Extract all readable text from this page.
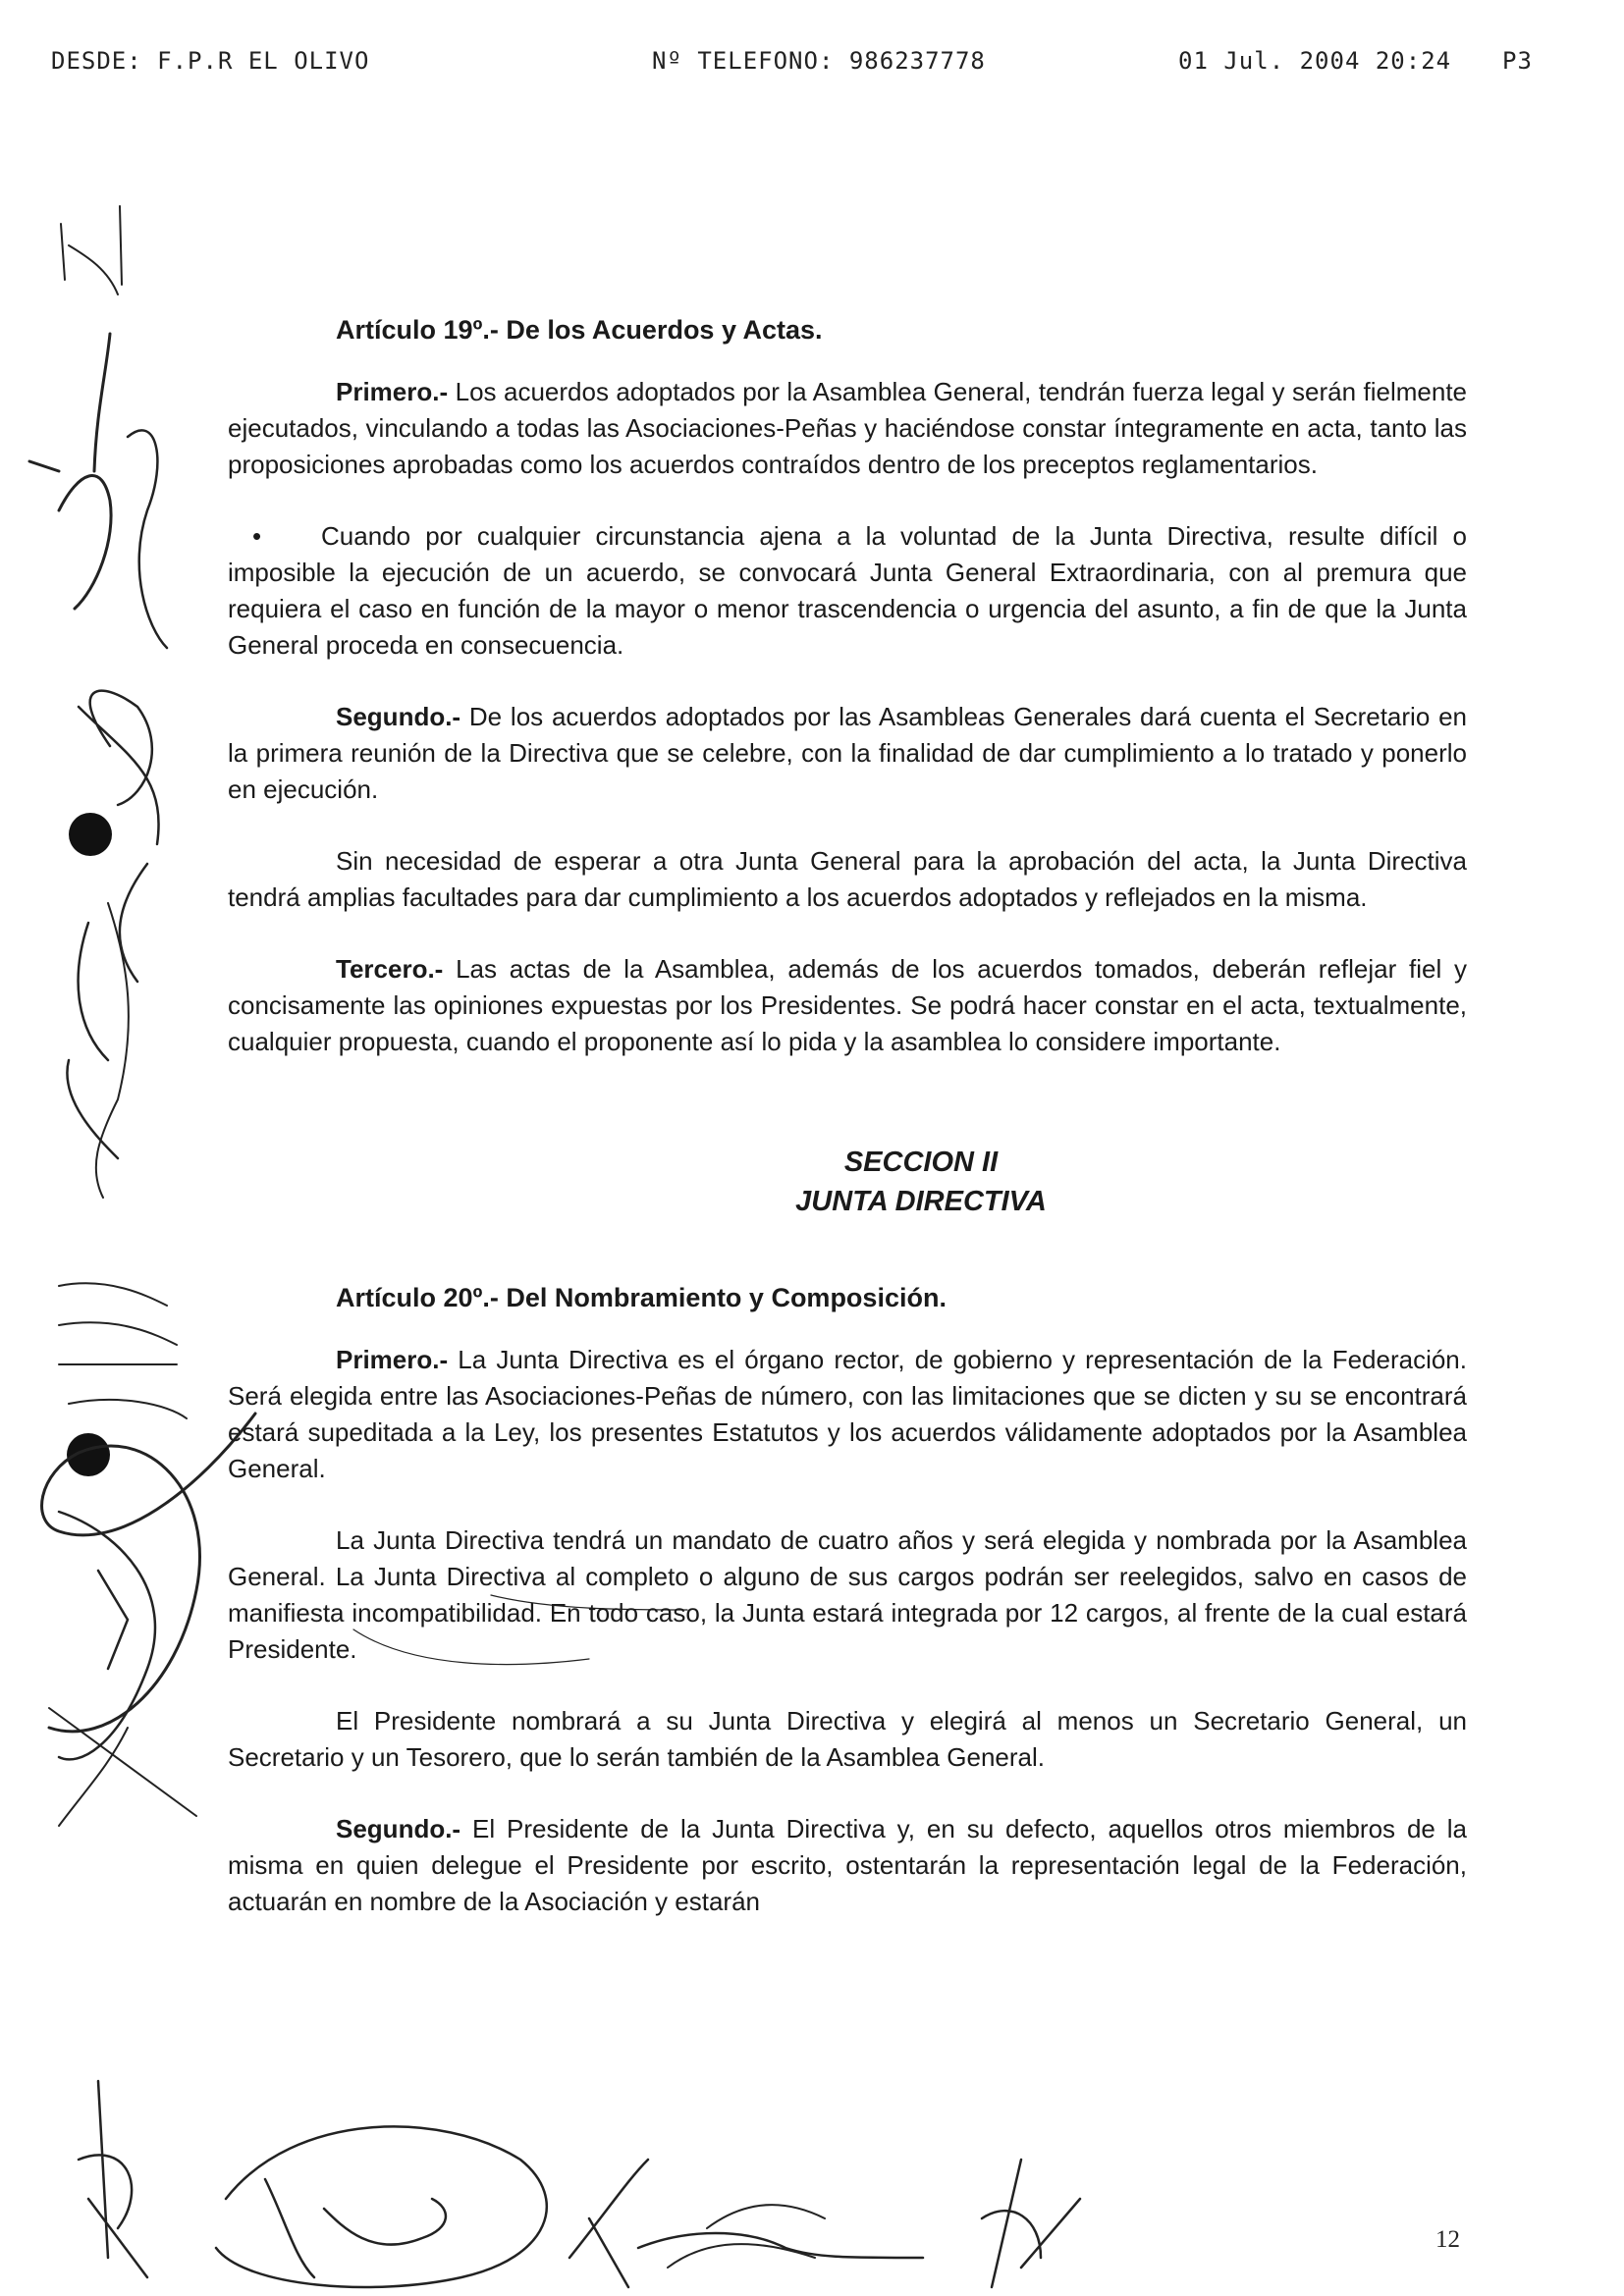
DESDE: F.P.R EL OLIVO	Nº TELEFONO: 986237778	01 Jul. 2004 20:24 P3
Artículo 19º.- De los Acuerdos y Actas.

Primero.- Los acuerdos adoptados por la Asamblea General, tendrán fuerza legal y serán fielmente ejecutados, vinculando a todas las Asociaciones-Peñas y haciéndose constar íntegramente en acta, tanto las proposiciones aprobadas como los acuerdos contraídos dentro de los preceptos reglamentarios.

• Cuando por cualquier circunstancia ajena a la voluntad de la Junta Directiva, resulte difícil o imposible la ejecución de un acuerdo, se convocará Junta General Extraordinaria, con al premura que requiera el caso en función de la mayor o menor trascendencia o urgencia del asunto, a fin de que la Junta General proceda en consecuencia.

Segundo.- De los acuerdos adoptados por las Asambleas Generales dará cuenta el Secretario en la primera reunión de la Directiva que se celebre, con la finalidad de dar cumplimiento a lo tratado y ponerlo en ejecución.

Sin necesidad de esperar a otra Junta General para la aprobación del acta, la Junta Directiva tendrá amplias facultades para dar cumplimiento a los acuerdos adoptados y reflejados en la misma.

Tercero.- Las actas de la Asamblea, además de los acuerdos tomados, deberán reflejar fiel y concisamente las opiniones expuestas por los Presidentes. Se podrá hacer constar en el acta, textualmente, cualquier propuesta, cuando el proponente así lo pida y la asamblea lo considere importante.

SECCION II
JUNTA DIRECTIVA
Artículo 20º.- Del Nombramiento y Composición.

Primero.- La Junta Directiva es el órgano rector, de gobierno y representación de la Federación. Será elegida entre las Asociaciones-Peñas de número, con las limitaciones que se dicten y su se encontrará estará supeditada a la Ley, los presentes Estatutos y los acuerdos válidamente adoptados por la Asamblea General.

La Junta Directiva tendrá un mandato de cuatro años y será elegida y nombrada por la Asamblea General. La Junta Directiva al completo o alguno de sus cargos podrán ser reelegidos, salvo en casos de manifiesta incompatibilidad. En todo caso, la Junta estará integrada por 12 cargos, al frente de la cual estará Presidente.

El Presidente nombrará a su Junta Directiva y elegirá al menos un Secretario General, un Secretario y un Tesorero, que lo serán también de la Asamblea General.

Segundo.- El Presidente de la Junta Directiva y, en su defecto, aquellos otros miembros de la misma en quien delegue el Presidente por escrito, ostentarán la representación legal de la Federación, actuarán en nombre de la Asociación y estarán

12
